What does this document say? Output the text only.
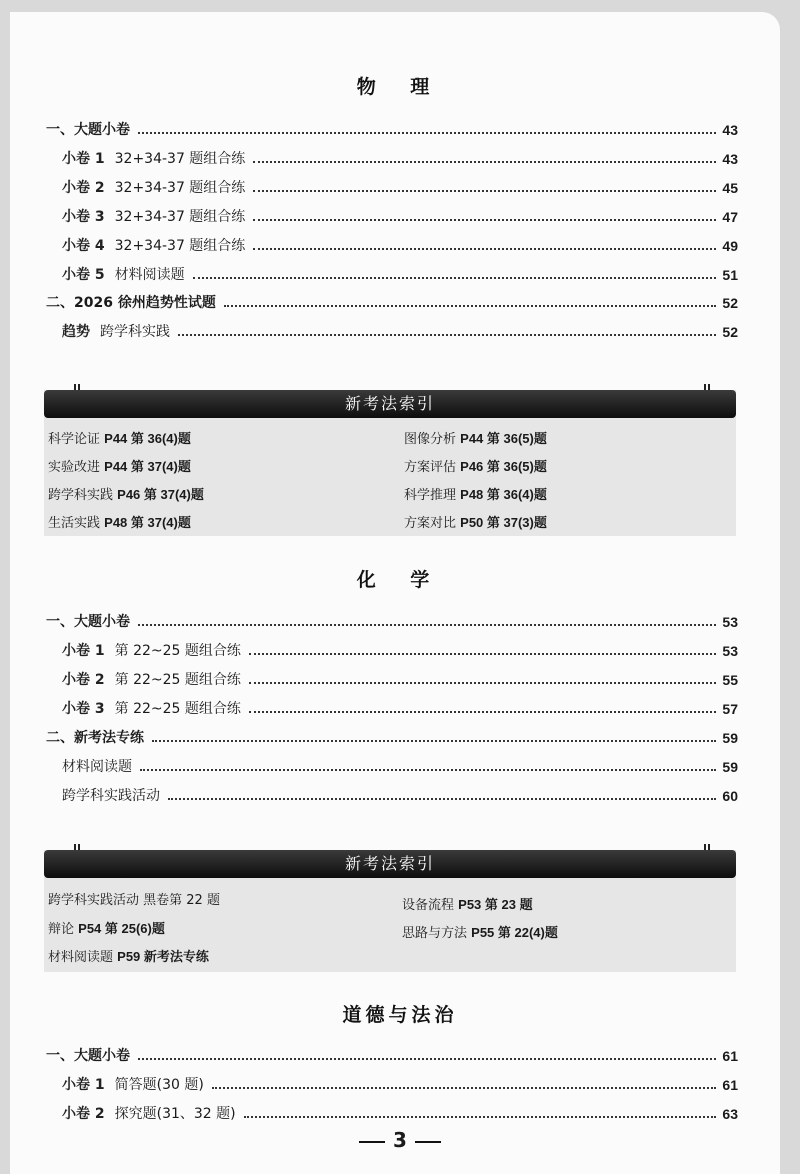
物 理
一、大题小卷	43
小卷 1 32+34-37 题组合练	43
小卷 2 32+34-37 题组合练	45
小卷 3 32+34-37 题组合练	47
小卷 4 32+34-37 题组合练	49
小卷 5 材料阅读题	51
二、2026 徐州趋势性试题	52
趋势 跨学科实践	52
新考法索引
科学论证 P44 第 36(4)题	图像分析 P44 第 36(5)题
实验改进 P44 第 37(4)题	方案评估 P46 第 36(5)题
跨学科实践 P46 第 37(4)题	科学推理 P48 第 36(4)题
生活实践 P48 第 37(4)题	方案对比 P50 第 37(3)题
化 学
一、大题小卷	53
小卷 1 第 22~25 题组合练	53
小卷 2 第 22~25 题组合练	55
小卷 3 第 22~25 题组合练	57
二、新考法专练	59
材料阅读题	59
跨学科实践活动	60
新考法索引
跨学科实践活动 黑卷第 22 题	设备流程 P53 第 23 题
辩论 P54 第 25(6)题	思路与方法 P55 第 22(4)题
材料阅读题 P59 新考法专练
道德与法治
一、大题小卷	61
小卷 1 简答题(30 题)	61
小卷 2 探究题(31、32 题)	63
3
